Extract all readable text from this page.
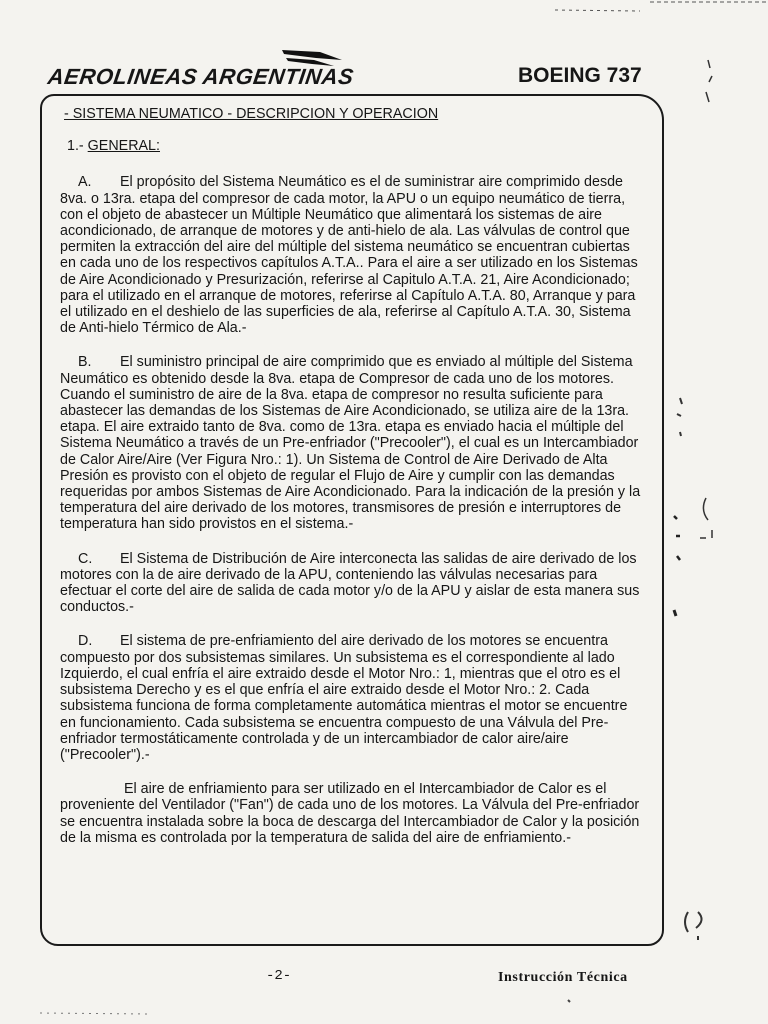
AEROLINEAS ARGENTINAS	BOEING 737
- SISTEMA NEUMATICO - DESCRIPCION Y OPERACION
1.- GENERAL:

A. El propósito del Sistema Neumático es el de suministrar aire comprimido desde 8va. o 13ra. etapa del compresor de cada motor, la APU o un equipo neumático de tierra, con el objeto de abastecer un Múltiple Neumático que alimentará los sistemas de aire acondicionado, de arranque de motores y de anti-hielo de ala. Las válvulas de control que permiten la extracción del aire del múltiple del sistema neumático se encuentran cubiertas en cada uno de los respectivos capítulos A.T.A.. Para el aire a ser utilizado en los Sistemas de Aire Acondicionado y Presurización, referirse al Capitulo A.T.A. 21, Aire Acondicionado; para el utilizado en el arranque de motores, referirse al Capítulo A.T.A. 80, Arranque y para el utilizado en el deshielo de las superficies de ala, referirse al Capítulo A.T.A. 30, Sistema de Anti-hielo Térmico de Ala.-

B. El suministro principal de aire comprimido que es enviado al múltiple del Sistema Neumático es obtenido desde la 8va. etapa de Compresor de cada uno de los motores. Cuando el suministro de aire de la 8va. etapa de compresor no resulta suficiente para abastecer las demandas de los Sistemas de Aire Acondicionado, se utiliza aire de la 13ra. etapa. El aire extraido tanto de 8va. como de 13ra. etapa es enviado hacia el múltiple del Sistema Neumático a través de un Pre-enfriador ("Precooler"), el cual es un Intercambiador de Calor Aire/Aire (Ver Figura Nro.: 1). Un Sistema de Control de Aire Derivado de Alta Presión es provisto con el objeto de regular el Flujo de Aire y cumplir con las demandas requeridas por ambos Sistemas de Aire Acondicionado. Para la indicación de la presión y la temperatura del aire derivado de los motores, transmisores de presión e interruptores de temperatura han sido provistos en el sistema.-

C. El Sistema de Distribución de Aire interconecta las salidas de aire derivado de los motores con la de aire derivado de la APU, conteniendo las válvulas necesarias para efectuar el corte del aire de salida de cada motor y/o de la APU y aislar de esta manera sus conductos.-

D. El sistema de pre-enfriamiento del aire derivado de los motores se encuentra compuesto por dos subsistemas similares. Un subsistema es el correspondiente al lado Izquierdo, el cual enfría el aire extraido desde el Motor Nro.: 1, mientras que el otro es el subsistema Derecho y es el que enfría el aire extraido desde el Motor Nro.: 2. Cada subsistema funciona de forma completamente automática mientras el motor se encuentre en funcionamiento. Cada subsistema se encuentra compuesto de una Válvula del Pre-enfriador termostáticamente controlada y de un intercambiador de calor aire/aire ("Precooler").-

El aire de enfriamiento para ser utilizado en el Intercambiador de Calor es el proveniente del Ventilador ("Fan") de cada uno de los motores. La Válvula del Pre-enfriador se encuentra instalada sobre la boca de descarga del Intercambiador de Calor y la posición de la misma es controlada por la temperatura de salida del aire de enfriamiento.-

-2-	Instrucción Técnica
